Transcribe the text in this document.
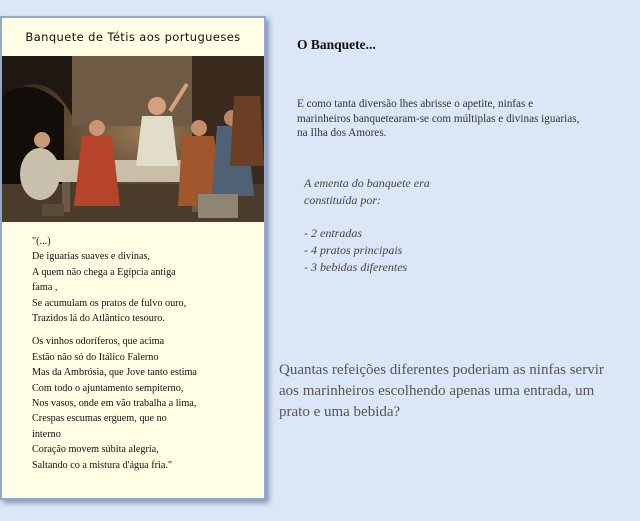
Banquete de Tétis aos portugueses
"(...)
De iguarias suaves e divinas,
A quem não chega a Egípcia antiga
fama ,
Se acumulam os pratos de fulvo ouro,
Trazidos lá do Atlântico tesouro.
Os vinhos odoríferos, que acima
Estão não só do Itálico Falerno
Mas da Ambrósia, que Jove tanto estima
Com todo o ajuntamento sempiterno,
Nos vasos, onde em vão trabalha a lima,
Crespas escumas erguem, que no
interno
Coração movem súbita alegria,
Saltando co a mistura d'água fria."
O Banquete...
E como tanta diversão lhes abrisse o apetite, ninfas e marinheiros banquetearam-se com múltiplas e divinas iguarias, na Ilha dos Amores.
A ementa do banquete era
constituída por:
- 2 entradas
- 4 pratos principais
- 3 bebidas diferentes
Quantas refeições diferentes poderiam as ninfas servir aos marinheiros escolhendo apenas uma entrada, um prato e uma bebida?
